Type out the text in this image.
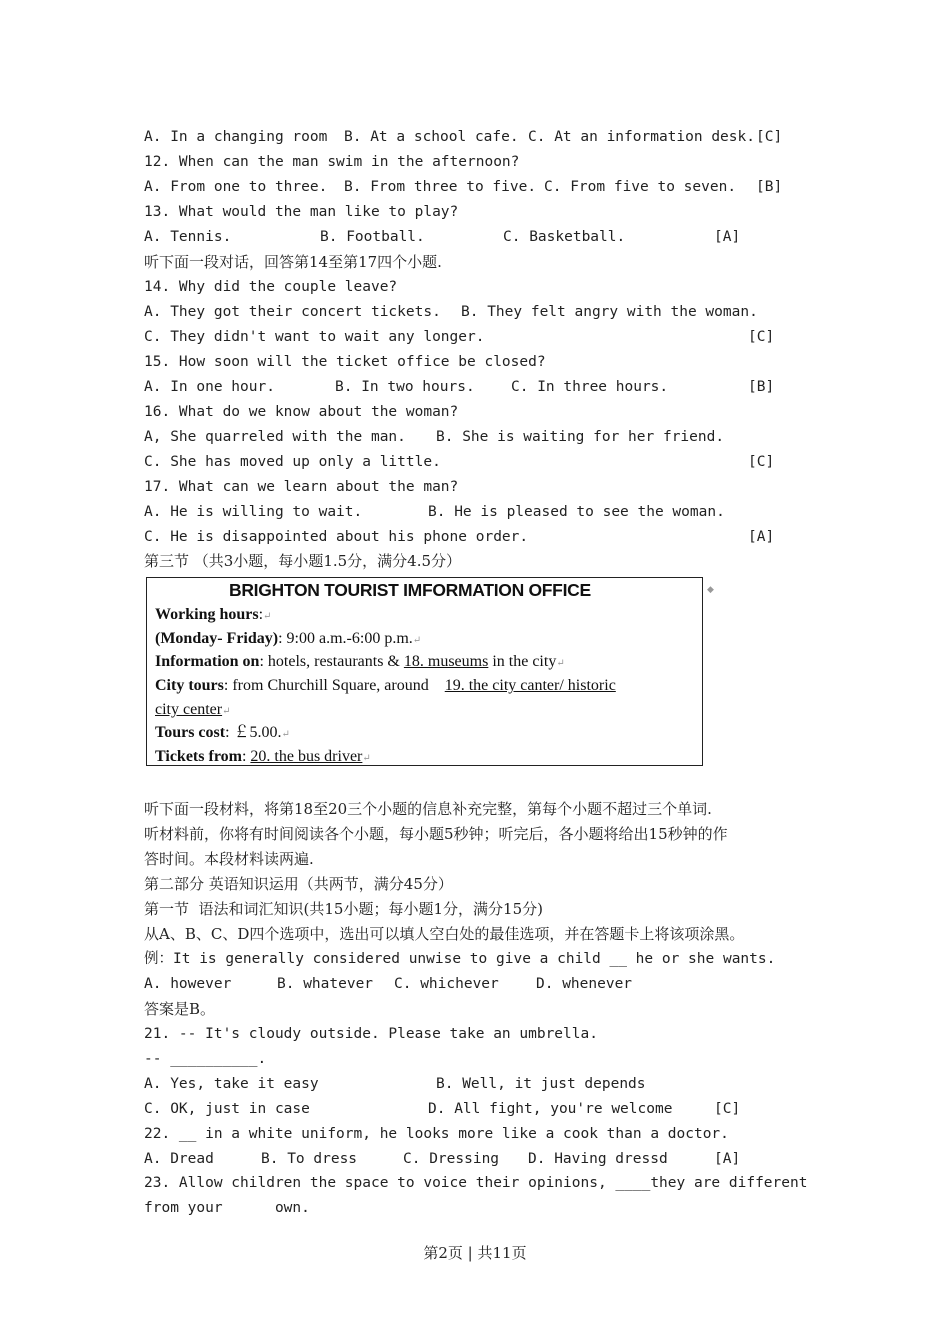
A. In a changing room

B. At a school cafe.

C. At an information desk.

[C]

12. When can the man swim in the afternoon?

A. From one to three.

B. From three to five.

C. From five to seven.

[B]

13. What would the man like to play?

A. Tennis.

	B. Football.

	C. Basketball.

	[A]

听下面一段对话，回答第14至第17四个小题.
14. Why did the couple leave?

A. They got their concert tickets.

B. They felt angry with the woman.

C. They didn't want to wait any longer.

	[C]

15. How soon will the ticket office be closed?

A. In one hour.

	B. In two hours.

	C. In three hours.

	[B]

16. What do we know about the woman?

A, She quarreled with the man.

B. She is waiting for her friend.

C. She has moved up only a little.

	[C]

17. What can we learn about the man?

A. He is willing to wait.

	B. He is pleased to see the woman.

C. He is disappointed about his phone order.

	[A]

第三节 （共3小题，每小题1.5分，满分4.5分）
BRIGHTON TOURIST IMFORMATION OFFICE
Working hours:↵
(Monday- Friday): 9:00 a.m.-6:00 p.m.↵
Information on: hotels, restaurants & 18. museums in the city↵
City tours: from Churchill Square, around    19. the city canter/ historic
city center↵
Tours cost: ￡5.00.↵
Tickets from: 20. the bus driver↵
◆
听下面一段材料，将第18至20三个小题的信息补充完整，第每个小题不超过三个单词.
听材料前，你将有时间阅读各个小题，每小题5秒钟；听完后，各小题将给出15秒钟的作
答时间。本段材料读两遍.
第二部分 英语知识运用（共两节，满分45分）
第一节  语法和词汇知识(共15小题；每小题1分，满分15分)
从A、B、C、D四个选项中，选出可以填人空白处的最佳选项，并在答题卡上将该项涂黑。
例：It is generally considered unwise to give a child __ he or she wants.

A. however

	B. whatever

C. whichever

	D. whenever

答案是B。
21. -- It's cloudy outside. Please take an umbrella.
-- __________.

A. Yes, take it easy

	B. Well, it just depends

C. OK, just in case

	D. All fight, you're welcome

	[C]

22. __ in a white uniform, he looks more like a cook than a doctor.

A. Dread

	B. To dress

	C. Dressing

D. Having dressd

	[A]

23. Allow children the space to voice their opinions, ____they are different
from your      own.
第2页 | 共11页
